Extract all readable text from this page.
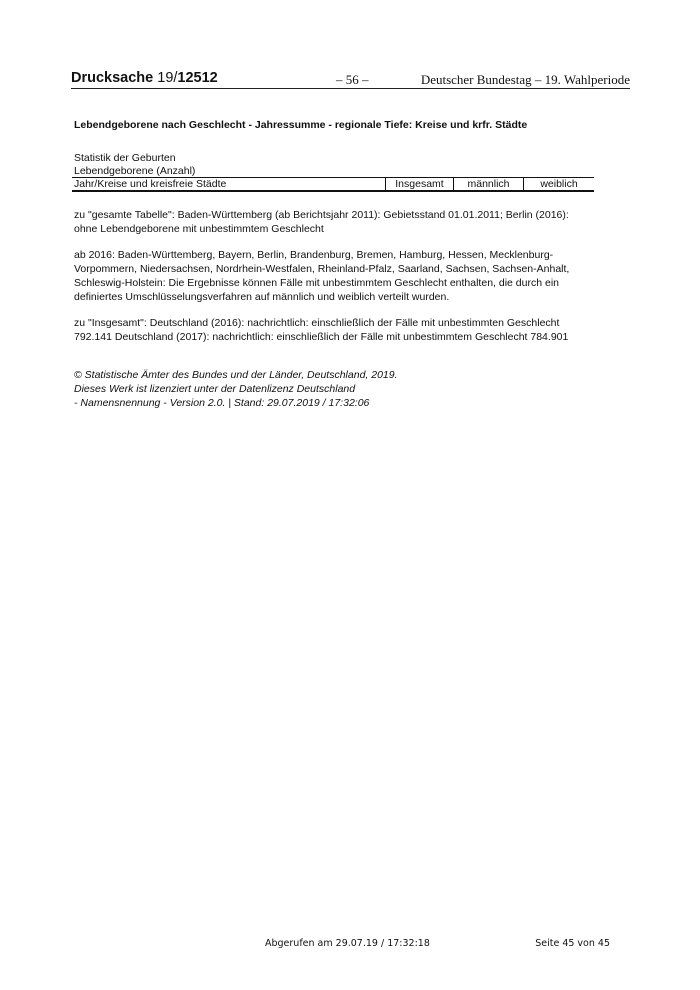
Drucksache 19/12512	– 56 –	Deutscher Bundestag – 19. Wahlperiode
Lebendgeborene nach Geschlecht - Jahressumme - regionale Tiefe: Kreise und krfr. Städte
Statistik der Geburten
Lebendgeborene (Anzahl)
Jahr/Kreise und kreisfreie Städte	Insgesamt	männlich	weiblich
zu "gesamte Tabelle": Baden-Württemberg (ab Berichtsjahr 2011): Gebietsstand 01.01.2011; Berlin (2016):
ohne Lebendgeborene mit unbestimmtem Geschlecht
ab 2016: Baden-Württemberg, Bayern, Berlin, Brandenburg, Bremen, Hamburg, Hessen, Mecklenburg-
Vorpommern, Niedersachsen, Nordrhein-Westfalen, Rheinland-Pfalz, Saarland, Sachsen, Sachsen-Anhalt,
Schleswig-Holstein: Die Ergebnisse können Fälle mit unbestimmtem Geschlecht enthalten, die durch ein
definiertes Umschlüsselungsverfahren auf männlich und weiblich verteilt wurden.
zu "Insgesamt": Deutschland (2016): nachrichtlich: einschließlich der Fälle mit unbestimmten Geschlecht
792.141 Deutschland (2017): nachrichtlich: einschließlich der Fälle mit unbestimmtem Geschlecht 784.901
© Statistische Ämter des Bundes und der Länder, Deutschland, 2019.
Dieses Werk ist lizenziert unter der Datenlizenz Deutschland
- Namensnennung - Version 2.0. | Stand: 29.07.2019 / 17:32:06
Abgerufen am 29.07.19 / 17:32:18	Seite 45 von 45
